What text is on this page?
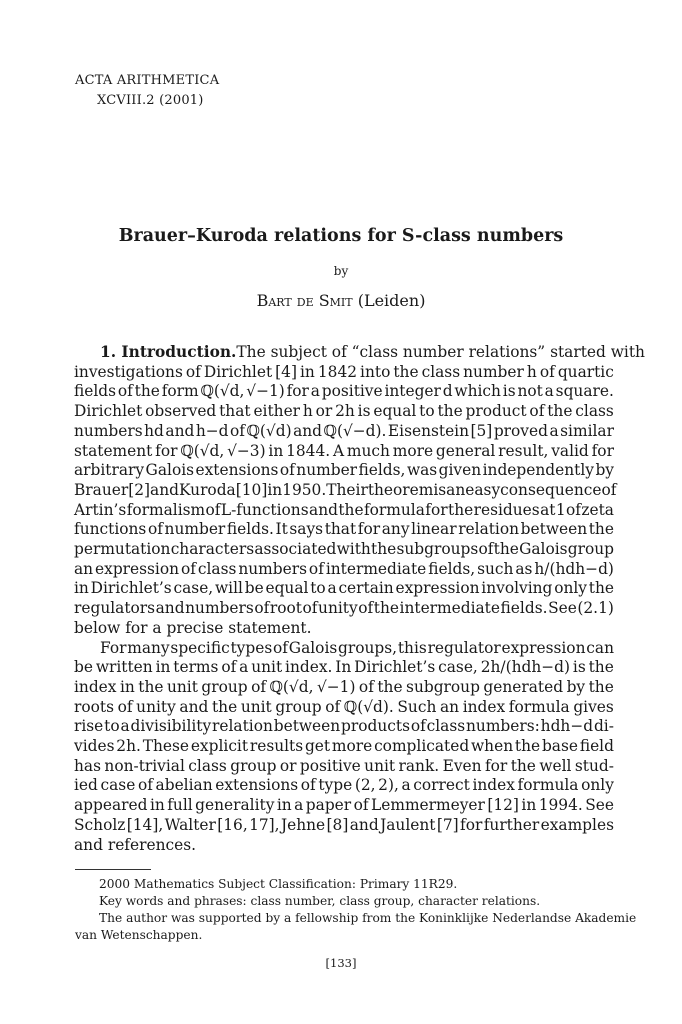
ACTA ARITHMETICA
XCVIII.2 (2001)
Brauer–Kuroda relations for S-class numbers
by
Bart de Smit (Leiden)
1. Introduction. The subject of “class number relations” started with
investigations of Dirichlet [4] in 1842 into the class number h of quartic
fields of the form ℚ(√d, √−1) for a positive integer d which is not a square.
Dirichlet observed that either h or 2h is equal to the product of the class
numbers hd and h−d of ℚ(√d) and ℚ(√−d). Eisenstein [5] proved a similar
statement for ℚ(√d, √−3) in 1844. A much more general result, valid for
arbitrary Galois extensions of number fields, was given independently by
Brauer [2] and Kuroda [10] in 1950. Their theorem is an easy consequence of
Artin’s formalism of L-functions and the formula for the residues at 1 of zeta
functions of number fields. It says that for any linear relation between the
permutation characters associated with the subgroups of the Galois group
an expression of class numbers of intermediate fields, such as h/(hdh−d)
in Dirichlet’s case, will be equal to a certain expression involving only the
regulators and numbers of root of unity of the intermediate fields. See (2.1)
below for a precise statement.
For many specific types of Galois groups, this regulator expression can
be written in terms of a unit index. In Dirichlet’s case, 2h/(hdh−d) is the
index in the unit group of ℚ(√d, √−1) of the subgroup generated by the
roots of unity and the unit group of ℚ(√d). Such an index formula gives
rise to a divisibility relation between products of class numbers: hdh−d di-
vides 2h. These explicit results get more complicated when the base field
has non-trivial class group or positive unit rank. Even for the well stud-
ied case of abelian extensions of type (2, 2), a correct index formula only
appeared in full generality in a paper of Lemmermeyer [12] in 1994. See
Scholz [14], Walter [16, 17], Jehne [8] and Jaulent [7] for further examples
and references.
2000 Mathematics Subject Classification: Primary 11R29.
Key words and phrases: class number, class group, character relations.
The author was supported by a fellowship from the Koninklijke Nederlandse Akademie
van Wetenschappen.
[133]
